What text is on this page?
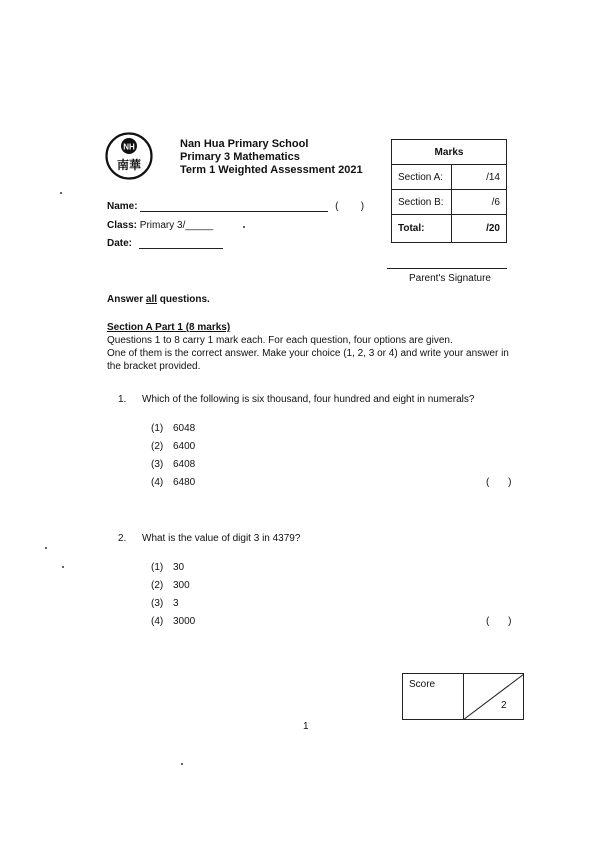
NH
南華
Nan Hua Primary School
Primary 3 Mathematics
Term 1 Weighted Assessment 2021
Marks	
Section A:	/14
Section B:	/6
Total:	/20
Name:	(        )
Class: Primary 3/_____
Date:
Parent's Signature
Answer all questions.
Section A Part 1 (8 marks)
Questions 1 to 8 carry 1 mark each. For each question, four options are given.
One of them is the correct answer. Make your choice (1, 2, 3 or 4) and write your answer in
the bracket provided.
1. Which of the following is six thousand, four hundred and eight in numerals?
(1) 6048
(2) 6400
(3) 6408
(4) 6480	( )
2. What is the value of digit 3 in 4379?
(1) 30
(2) 300
(3) 3
(4) 3000	( )
Score
2
1
